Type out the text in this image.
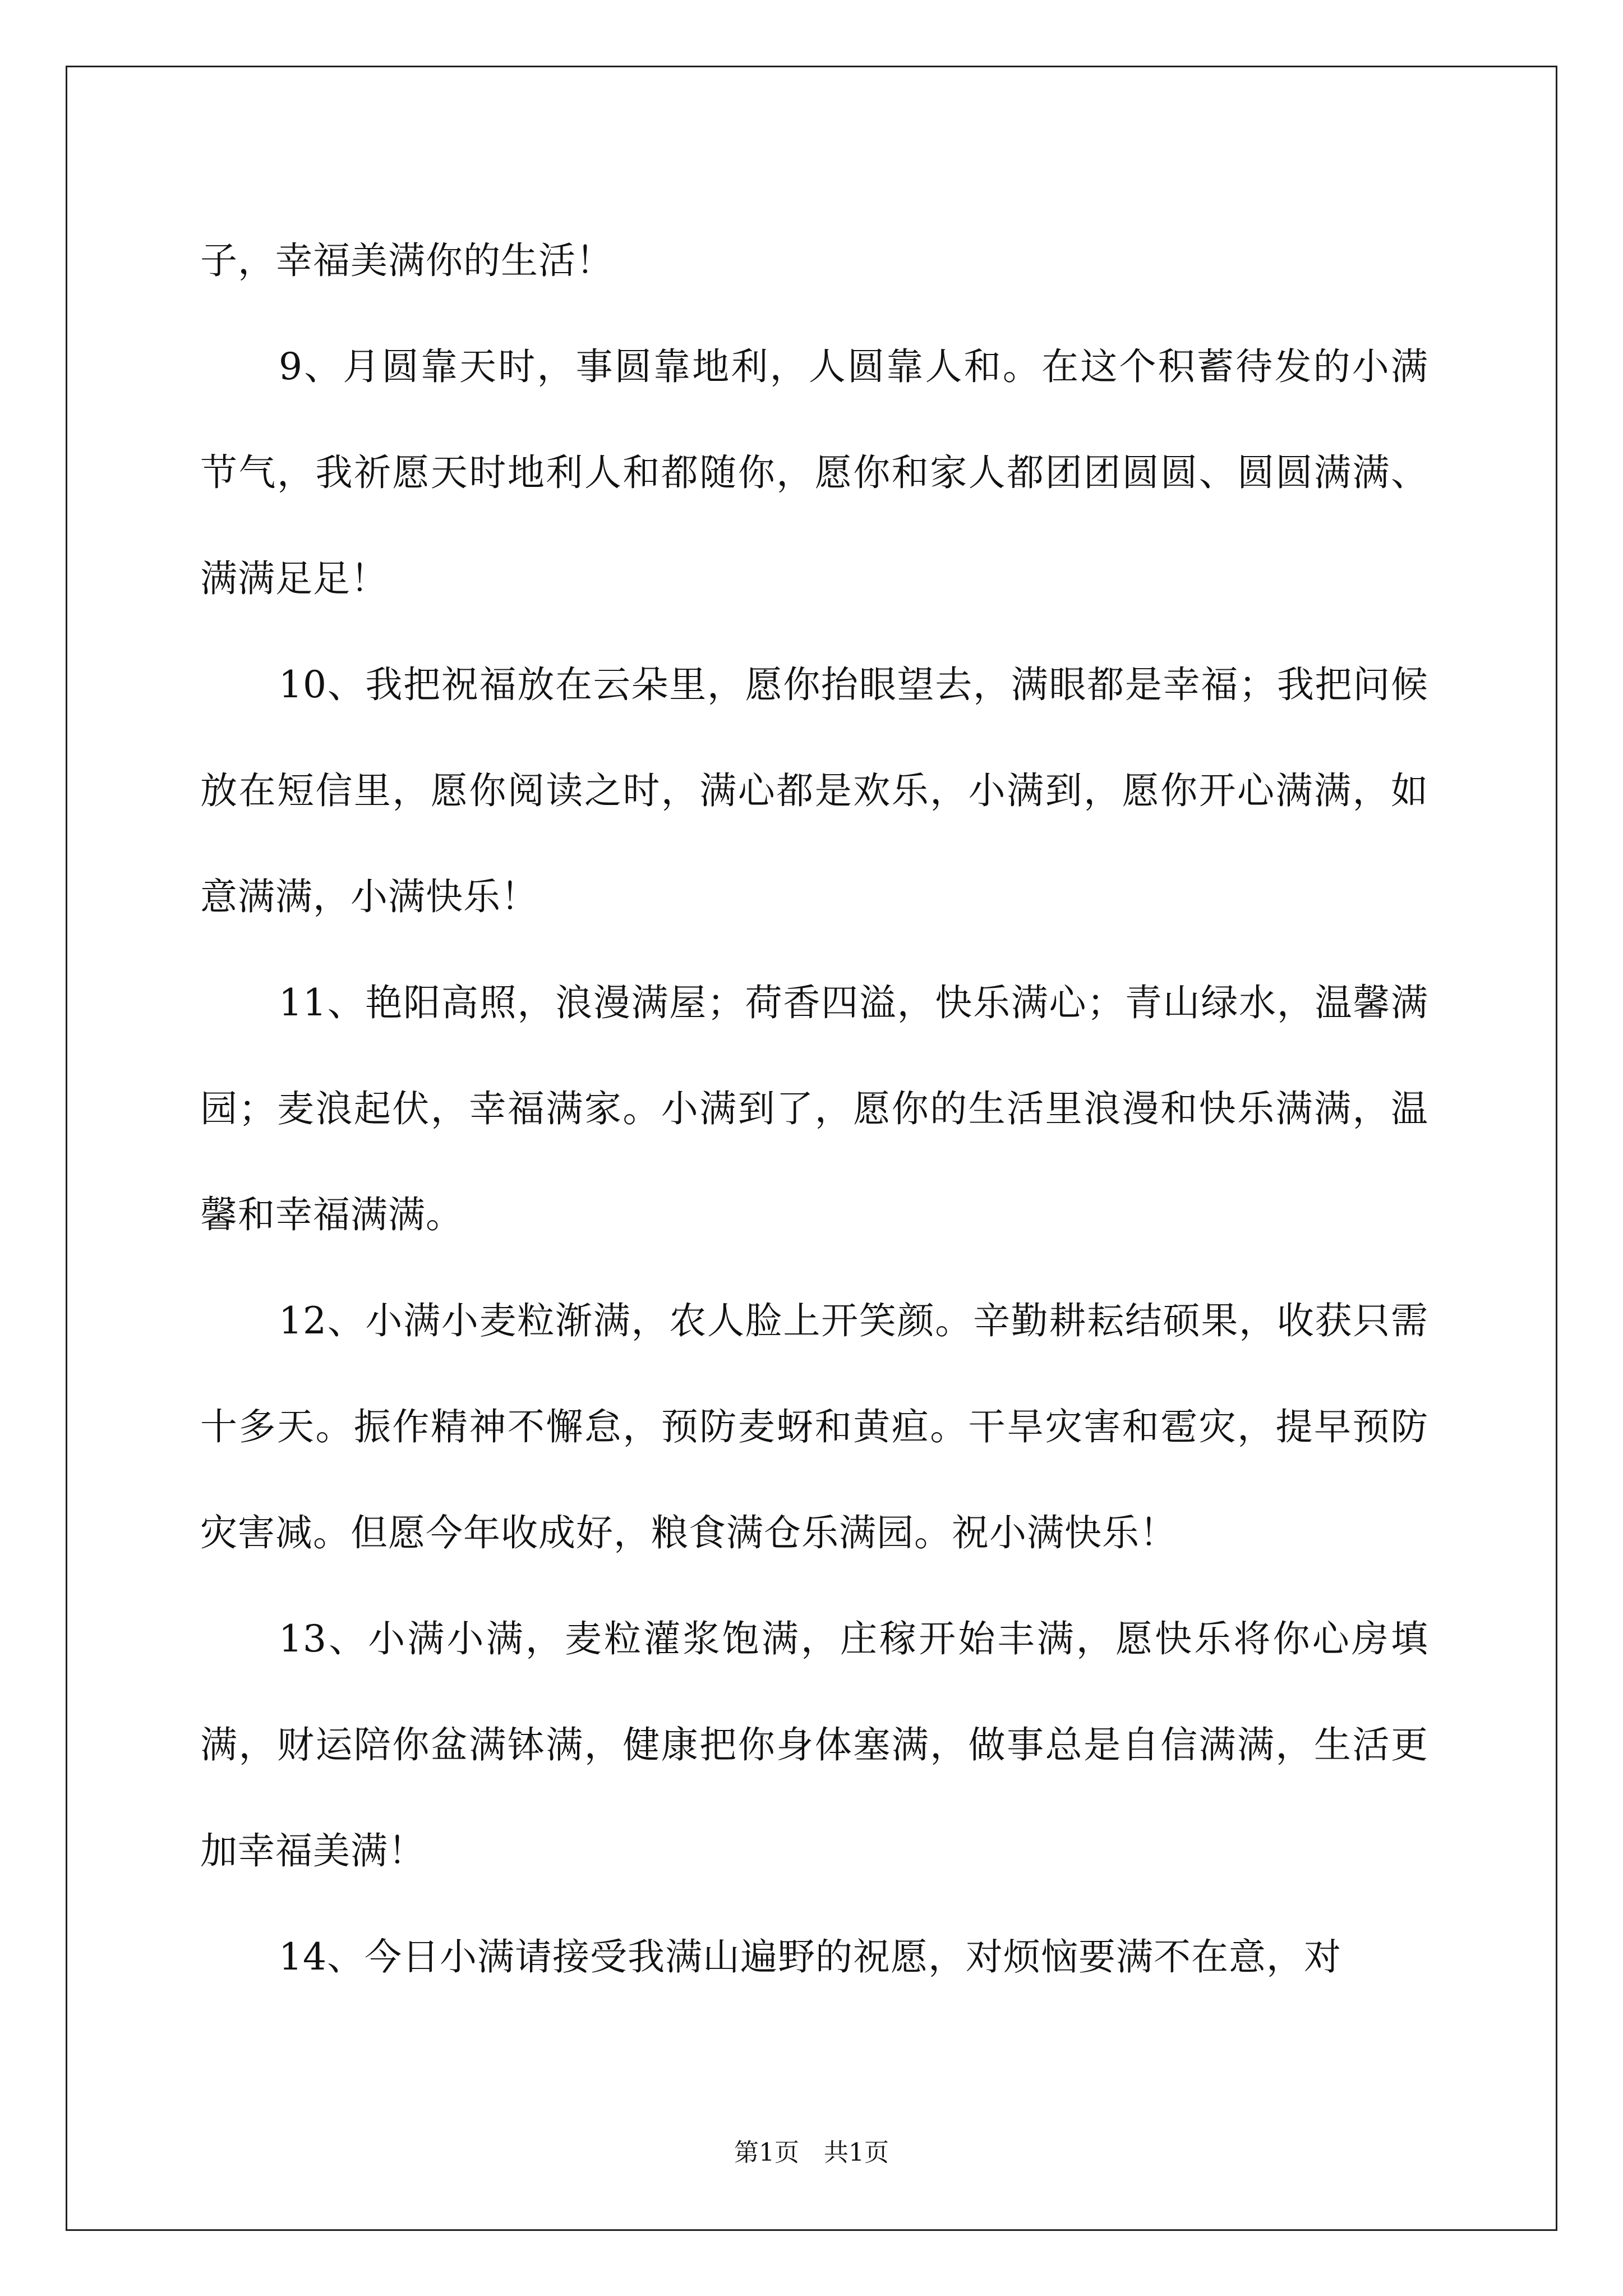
子，幸福美满你的生活！

9、月圆靠天时，事圆靠地利，人圆靠人和。在这个积蓄待发的小满节气，我祈愿天时地利人和都随你，愿你和家人都团团圆圆、圆圆满满、满满足足！

10、我把祝福放在云朵里，愿你抬眼望去，满眼都是幸福；我把问候放在短信里，愿你阅读之时，满心都是欢乐，小满到，愿你开心满满，如意满满，小满快乐！

11、艳阳高照，浪漫满屋；荷香四溢，快乐满心；青山绿水，温馨满园；麦浪起伏，幸福满家。小满到了，愿你的生活里浪漫和快乐满满，温馨和幸福满满。

12、小满小麦粒渐满，农人脸上开笑颜。辛勤耕耘结硕果，收获只需十多天。振作精神不懈怠，预防麦蚜和黄疸。干旱灾害和雹灾，提早预防灾害减。但愿今年收成好，粮食满仓乐满园。祝小满快乐！

13、小满小满，麦粒灌浆饱满，庄稼开始丰满，愿快乐将你心房填满，财运陪你盆满钵满，健康把你身体塞满，做事总是自信满满，生活更加幸福美满！

14、今日小满请接受我满山遍野的祝愿，对烦恼要满不在意，对

第1页　共1页
